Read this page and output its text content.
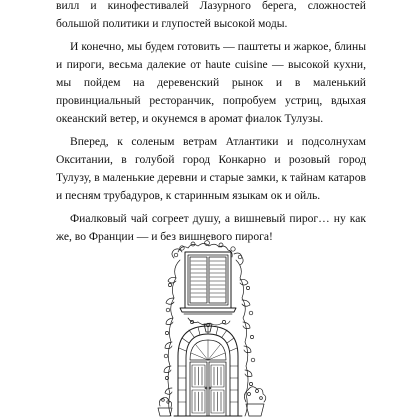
вилл и кинофестивалей Лазурного берега, сложностей большой политики и глупостей высокой моды.

И конечно, мы будем готовить — паштеты и жаркое, блины и пироги, весьма далекие от haute cuisine — высокой кухни, мы пойдем на деревенский рынок и в маленький провинциальный ресторанчик, попробуем устриц, вдыхая океанский ветер, и окунемся в аромат фиалок Тулузы.

Вперед, к соленым ветрам Атлантики и подсолнухам Окситании, в голубой город Конкарно и розовый город Тулузу, в маленькие деревни и старые замки, к тайнам катаров и песням трубадуров, к старинным языкам ок и ойль.

Фиалковый чай согреет душу, а вишневый пирог… ну как же, во Франции — и без вишневого пирога!
